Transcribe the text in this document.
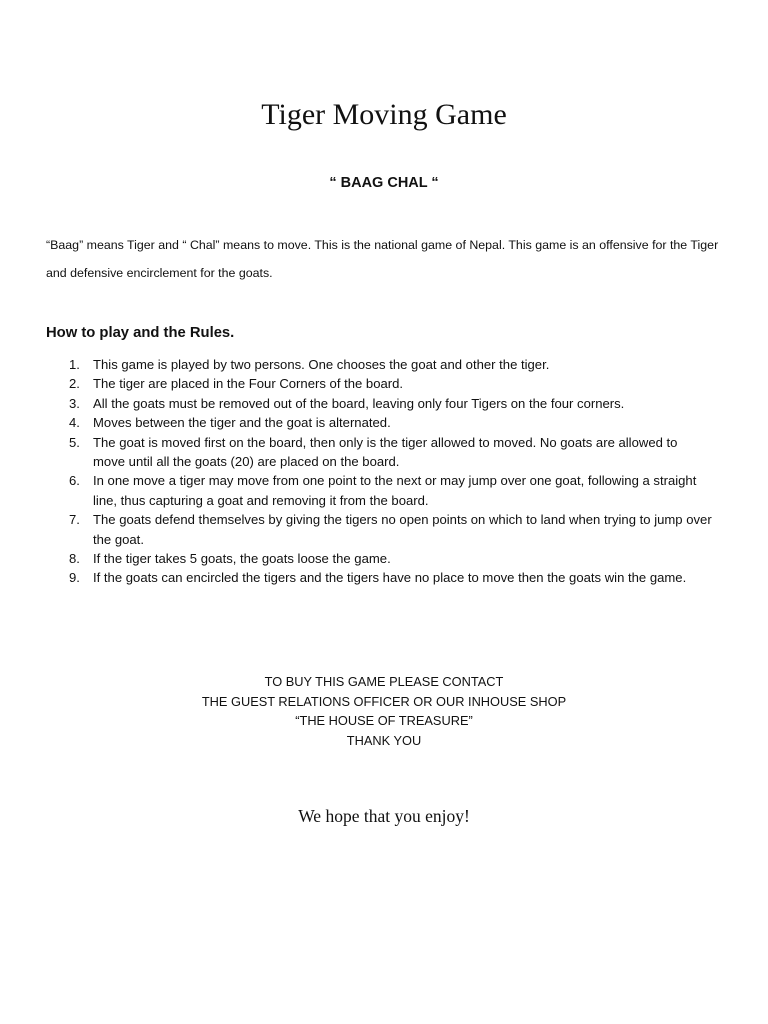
Tiger Moving Game
“ BAAG CHAL “

“Baag” means Tiger and “ Chal” means to move. This is the national game of Nepal. This game is an offensive for the Tiger and defensive encirclement for the goats.

How to play and the Rules.
1. This game is played by two persons. One chooses the goat and other the tiger.
2. The tiger are placed in the Four Corners of the board.
3. All the goats must be removed out of the board, leaving only four Tigers on the four corners.
4. Moves between the tiger and the goat is alternated.
5. The goat is moved first on the board, then only is the tiger allowed to moved. No goats are allowed to move until all the goats (20) are placed on the board.
6. In one move a tiger may move from one point to the next or may jump over one goat, following a straight line, thus capturing a goat and removing it from the board.
7. The goats defend themselves by giving the tigers no open points on which to land when trying to jump over the goat.
8. If the tiger takes 5 goats, the goats loose the game.
9. If the goats can encircled the tigers and the tigers have no place to move then the goats win the game.
TO BUY THIS GAME PLEASE CONTACT
THE GUEST RELATIONS OFFICER OR OUR INHOUSE SHOP
“THE HOUSE OF TREASURE”
THANK YOU
We hope that you enjoy!
